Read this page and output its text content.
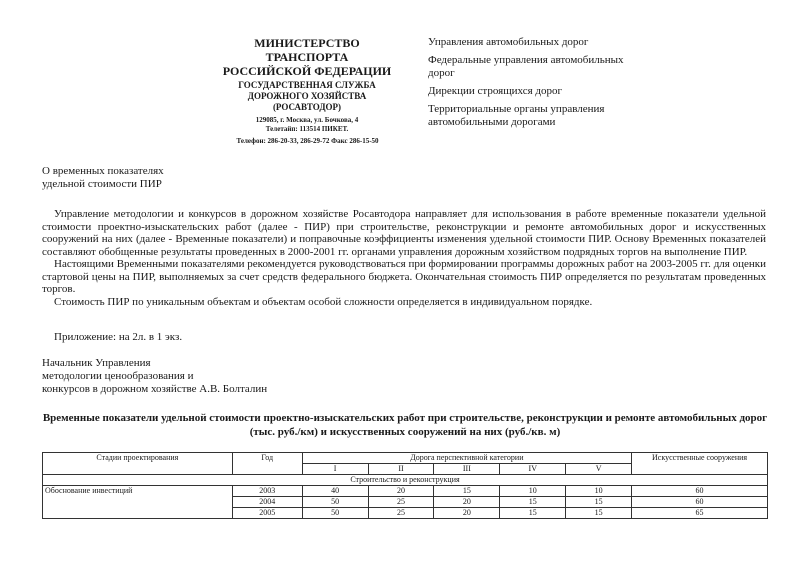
МИНИСТЕРСТВО ТРАНСПОРТА РОССИЙСКОЙ ФЕДЕРАЦИИ
ГОСУДАРСТВЕННАЯ СЛУЖБА ДОРОЖНОГО ХОЗЯЙСТВА (РОСАВТОДОР)
129085, г. Москва, ул. Бочкова, 4
Телетайп: 113514 ПИКЕТ.
Телефон: 286-20-33, 286-29-72 Факс 286-15-50
Управления автомобильных дорог
Федеральные управления автомобильных дорог
Дирекции строящихся дорог
Территориальные органы управления автомобильными дорогами
О временных показателях
удельной стоимости ПИР

Управление методологии и конкурсов в дорожном хозяйстве Росавтодора направляет для использования в работе временные показатели удельной стоимости проектно-изыскательских работ (далее - ПИР) при строительстве, реконструкции и ремонте автомобильных дорог и искусственных сооружений на них (далее - Временные показатели) и поправочные коэффициенты изменения удельной стоимости ПИР. Основу Временных показателей составляют обобщенные результаты проведенных в 2000-2001 гг. органами управления дорожным хозяйством подрядных торгов на выполнение ПИР.

Настоящими Временными показателями рекомендуется руководствоваться при формировании программы дорожных работ на 2003-2005 гг. для оценки стартовой цены на ПИР, выполняемых за счет средств федерального бюджета. Окончательная стоимость ПИР определяется по результатам проведенных торгов.

Стоимость ПИР по уникальным объектам и объектам особой сложности определяется в индивидуальном порядке.

Приложение: на 2л. в 1 экз.
Начальник Управления
методологии ценообразования и
конкурсов в дорожном хозяйстве А.В. Болталин
Временные показатели удельной стоимости проектно-изыскательских работ при строительстве, реконструкции и ремонте автомобильных дорог (тыс. руб./км) и искусственных сооружений на них (руб./кв. м)
Стадии проектирования	Год	Дорога перспективной категории					Искусственные сооружения
		I	II	III	IV	V	
Строительство и реконструкция							
Обоснование инвестиций	2003	40	20	15	10	10	60
	2004	50	25	20	15	15	60
	2005	50	25	20	15	15	65
